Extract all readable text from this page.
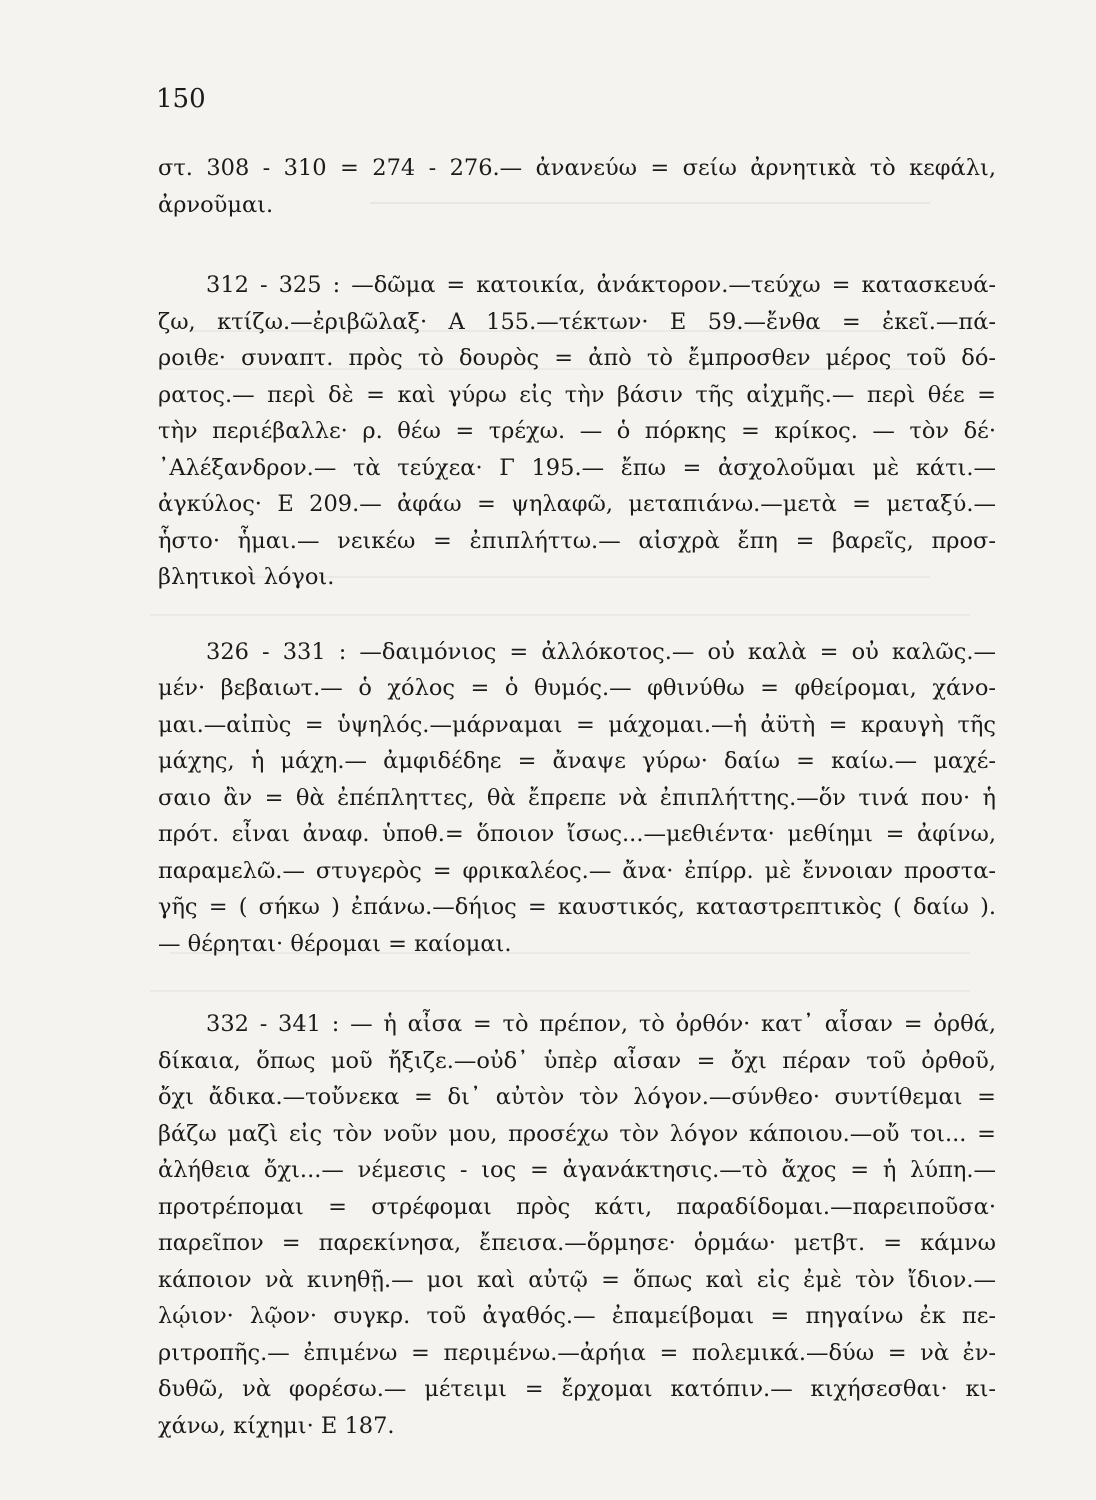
150

στ. 308 - 310 = 274 - 276.— ἀνανεύω = σείω ἀρνητικὰ τὸ κεφάλι,
ἀρνοῦμαι.
312 - 325 : —δῶμα = κατοικία, ἀνάκτορον.—τεύχω = κατασκευά-
ζω, κτίζω.—ἐριβῶλαξ· Α 155.—τέκτων· Ε 59.—ἔνθα = ἐκεῖ.—πά-
ροιθε· συναπτ. πρὸς τὸ δουρὸς = ἀπὸ τὸ ἔμπροσθεν μέρος τοῦ δό-
ρατος.— περὶ δὲ = καὶ γύρω εἰς τὴν βάσιν τῆς αἰχμῆς.— περὶ θέε =
τὴν περιέβαλλε· ρ. θέω = τρέχω. — ὁ πόρκης = κρίκος. — τὸν δέ·
᾿Αλέξανδρον.— τὰ τεύχεα· Γ 195.— ἔπω = ἀσχολοῦμαι μὲ κάτι.—
ἀγκύλος· Ε 209.— ἀφάω = ψηλαφῶ, μεταπιάνω.—μετὰ = μεταξύ.—
ἧστο· ἧμαι.— νεικέω = ἐπιπλήττω.— αἰσχρὰ ἔπη = βαρεῖς, προσ-
βλητικοὶ λόγοι.
326 - 331 : —δαιμόνιος = ἀλλόκοτος.— οὐ καλὰ = οὐ καλῶς.—
μέν· βεβαιωτ.— ὁ χόλος = ὁ θυμός.— φθινύθω = φθείρομαι, χάνο-
μαι.—αἰπὺς = ὑψηλός.—μάρναμαι = μάχομαι.—ἡ ἀϋτὴ = κραυγὴ τῆς
μάχης, ἡ μάχη.— ἀμφιδέδηε = ἄναψε γύρω· δαίω = καίω.— μαχέ-
σαιο ἂν = θὰ ἐπέπληττες, θὰ ἔπρεπε νὰ ἐπιπλήττης.—ὅν τινά που· ἡ
πρότ. εἶναι ἀναφ. ὑποθ.= ὅποιον ἴσως...—μεθιέντα· μεθίημι = ἀφίνω,
παραμελῶ.— στυγερὸς = φρικαλέος.— ἄνα· ἐπίρρ. μὲ ἔννοιαν προστα-
γῆς = ( σήκω ) ἐπάνω.—δήιος = καυστικός, καταστρεπτικὸς ( δαίω ).
— θέρηται· θέρομαι = καίομαι.
332 - 341 : — ἡ αἶσα = τὸ πρέπον, τὸ ὀρθόν· κατ᾿ αἶσαν = ὀρθά,
δίκαια, ὅπως μοῦ ἤξιζε.—οὐδ᾿ ὑπὲρ αἶσαν = ὄχι πέραν τοῦ ὀρθοῦ,
ὄχι ἄδικα.—τοὔνεκα = δι᾿ αὐτὸν τὸν λόγον.—σύνθεο· συντίθεμαι =
βάζω μαζὶ εἰς τὸν νοῦν μου, προσέχω τὸν λόγον κάποιου.—οὔ τοι... =
ἀλήθεια ὄχι...— νέμεσις - ιος = ἀγανάκτησις.—τὸ ἄχος = ἡ λύπη.—
προτρέπομαι = στρέφομαι πρὸς κάτι, παραδίδομαι.—παρειποῦσα·
παρεῖπον = παρεκίνησα, ἔπεισα.—ὅρμησε· ὁρμάω· μετβτ. = κάμνω
κάποιον νὰ κινηθῇ.— μοι καὶ αὐτῷ = ὅπως καὶ εἰς ἐμὲ τὸν ἴδιον.—
λῴιον· λῷον· συγκρ. τοῦ ἀγαθός.— ἐπαμείβομαι = πηγαίνω ἐκ πε-
ριτροπῆς.— ἐπιμένω = περιμένω.—ἀρήια = πολεμικά.—δύω = νὰ ἐν-
δυθῶ, νὰ φορέσω.— μέτειμι = ἔρχομαι κατόπιν.— κιχήσεσθαι· κι-
χάνω, κίχημι· Ε 187.
